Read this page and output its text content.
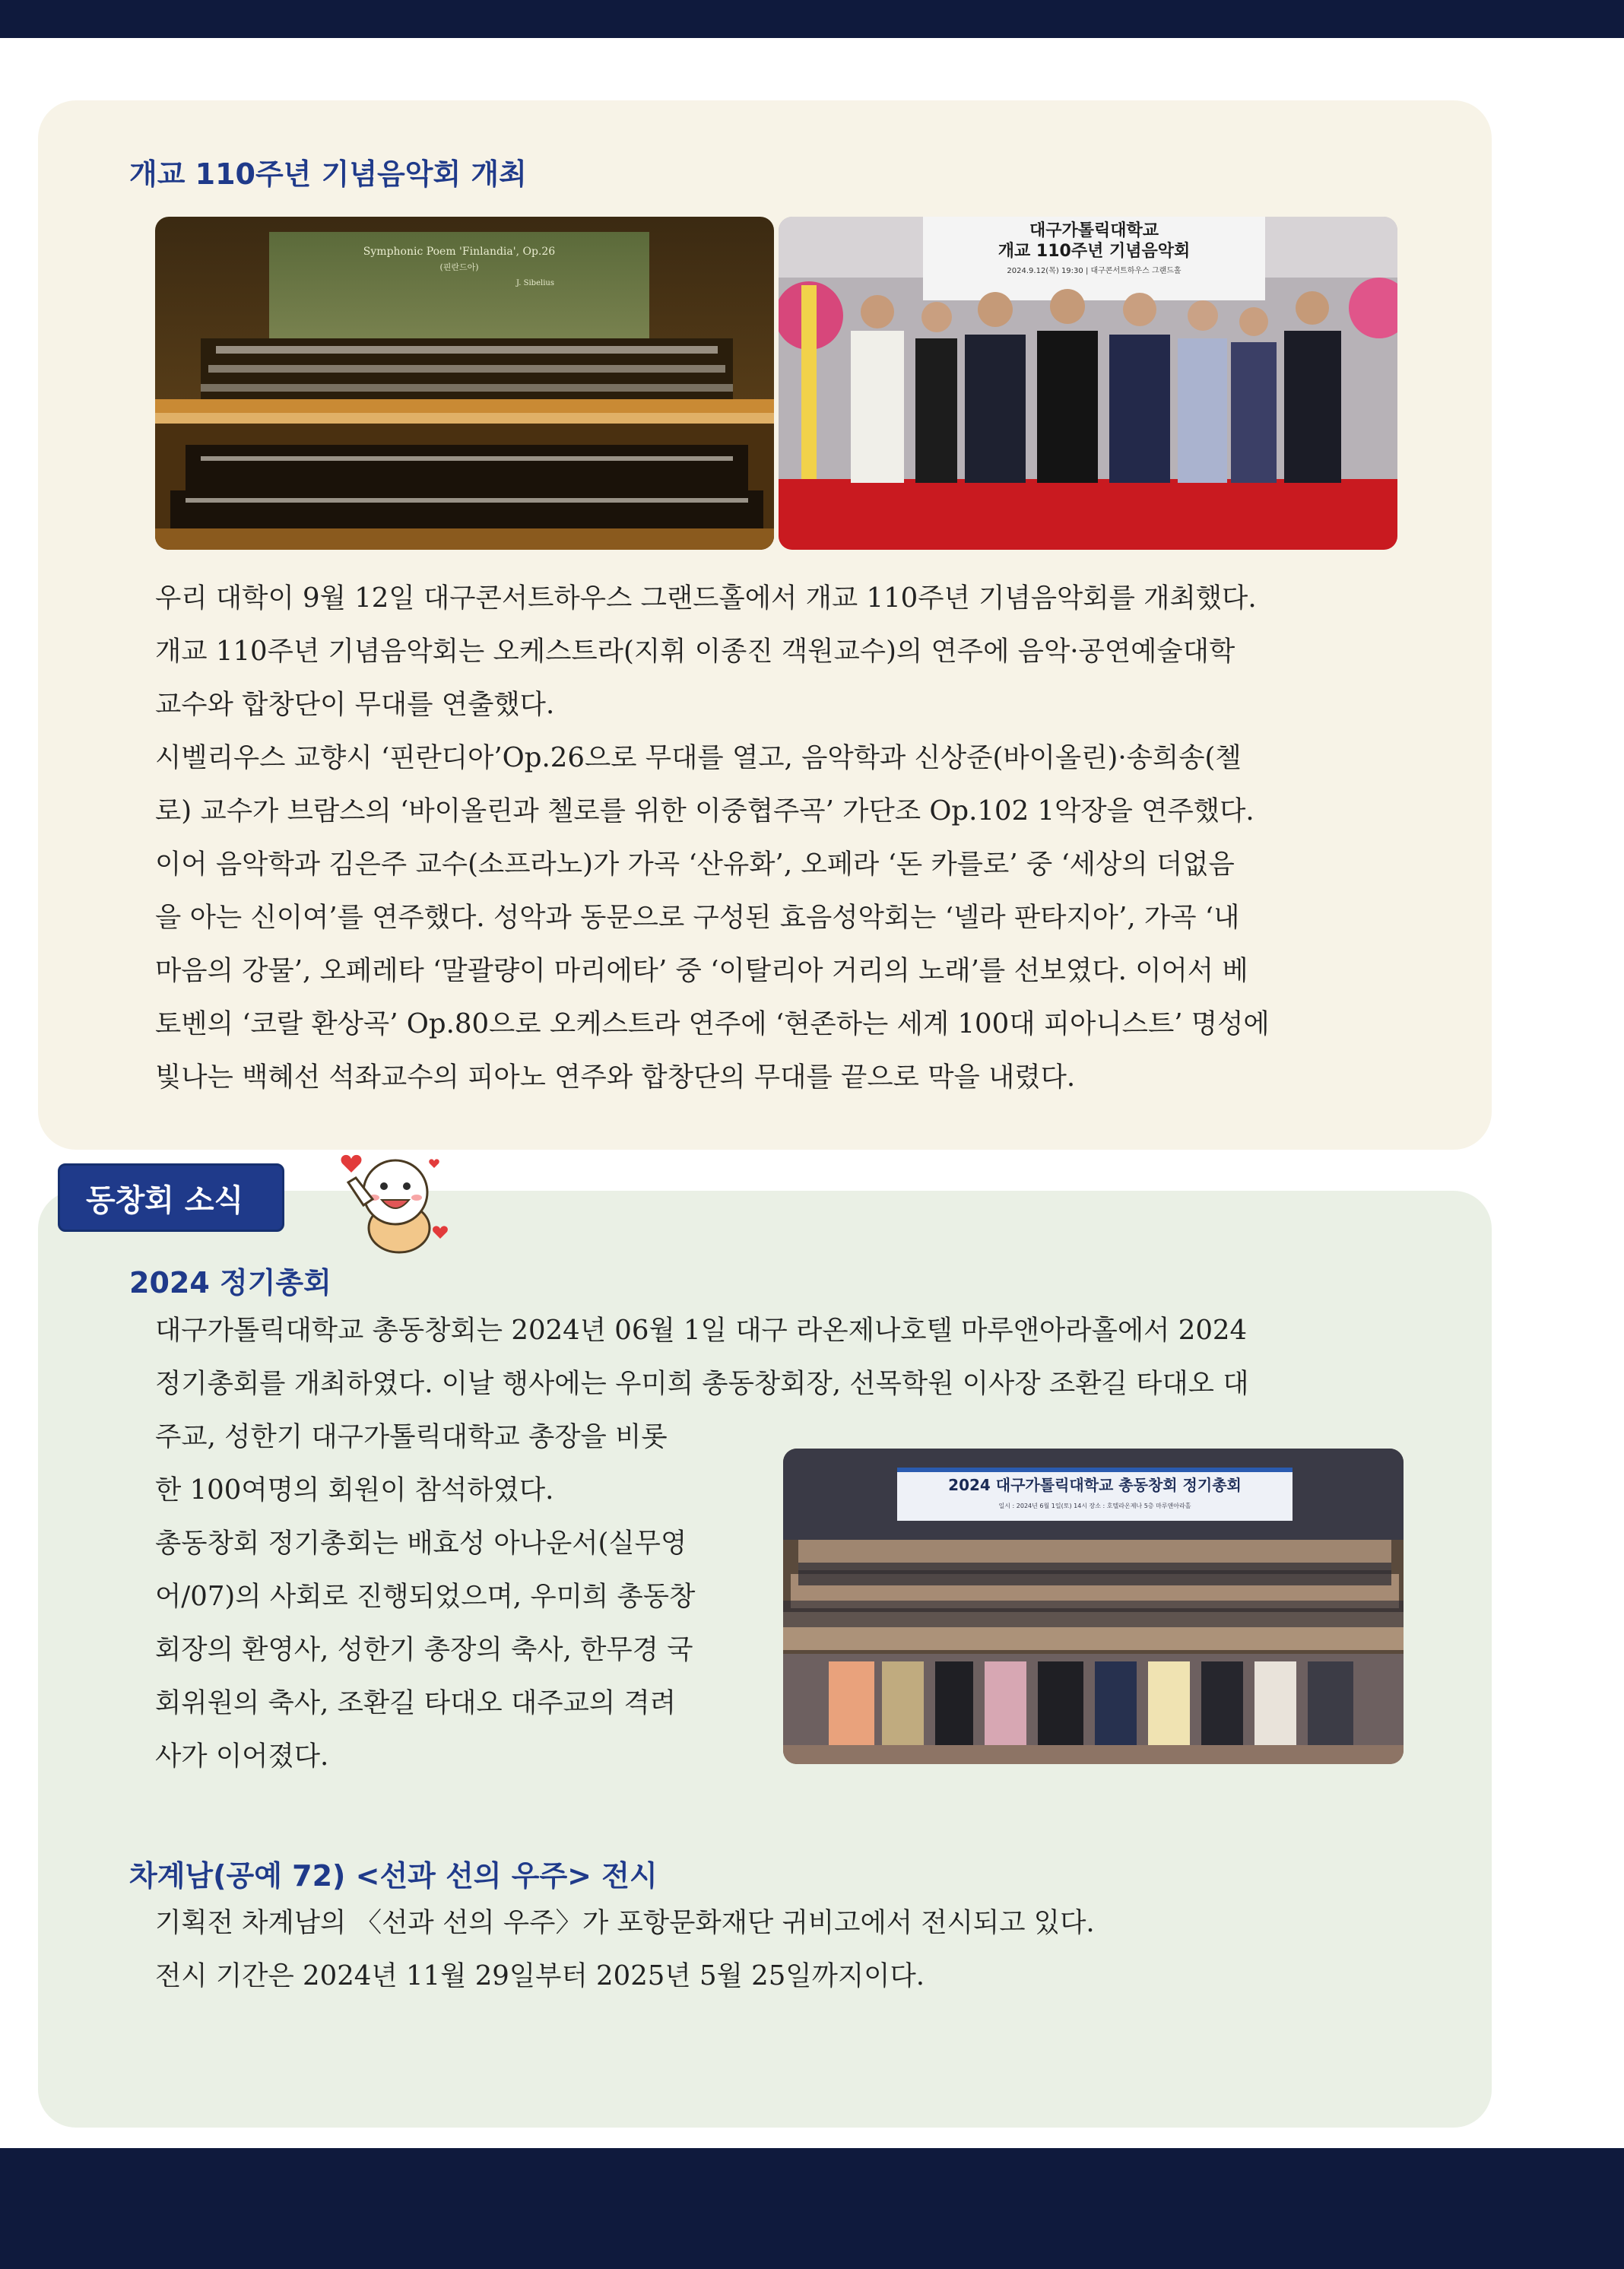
개교 110주년 기념음악회 개최
Symphonic Poem 'Finlandia', Op.26
(핀란드아)
J. Sibelius
대구가톨릭대학교
개교 110주년 기념음악회
2024.9.12(목) 19:30 | 대구콘서트하우스 그랜드홀
우리 대학이 9월 12일 대구콘서트하우스 그랜드홀에서 개교 110주년 기념음악회를 개최했다.
개교 110주년 기념음악회는 오케스트라(지휘 이종진 객원교수)의 연주에 음악·공연예술대학
교수와 합창단이 무대를 연출했다.
시벨리우스 교향시 ‘핀란디아’Op.26으로 무대를 열고, 음악학과 신상준(바이올린)·송희송(첼
로) 교수가 브람스의 ‘바이올린과 첼로를 위한 이중협주곡’ 가단조 Op.102 1악장을 연주했다.
이어 음악학과 김은주 교수(소프라노)가 가곡 ‘산유화’, 오페라 ‘돈 카를로’ 중 ‘세상의 더없음
을 아는 신이여’를 연주했다. 성악과 동문으로 구성된 효음성악회는 ‘넬라 판타지아’, 가곡 ‘내
마음의 강물’, 오페레타 ‘말괄량이 마리에타’ 중 ‘이탈리아 거리의 노래’를 선보였다. 이어서 베
토벤의 ‘코랄 환상곡’ Op.80으로 오케스트라 연주에 ‘현존하는 세계 100대 피아니스트’ 명성에
빛나는 백혜선 석좌교수의 피아노 연주와 합창단의 무대를 끝으로 막을 내렸다.
동창회 소식
2024 정기총회
대구가톨릭대학교 총동창회는 2024년 06월 1일 대구 라온제나호텔 마루앤아라홀에서 2024
정기총회를 개최하였다. 이날 행사에는 우미희 총동창회장, 선목학원 이사장 조환길 타대오 대
주교, 성한기 대구가톨릭대학교 총장을 비롯
한 100여명의 회원이 참석하였다.
총동창회 정기총회는 배효성 아나운서(실무영
어/07)의 사회로 진행되었으며, 우미희 총동창
회장의 환영사, 성한기 총장의 축사, 한무경 국
회위원의 축사, 조환길 타대오 대주교의 격려
사가 이어졌다.
2024 대구가톨릭대학교 총동창회 정기총회
일시 : 2024년 6월 1일(토) 14시 장소 : 호텔라온제나 5층 마루앤아라홀
차계남(공예 72) <선과 선의 우주> 전시
기획전 차계남의 〈선과 선의 우주〉가 포항문화재단 귀비고에서 전시되고 있다.
전시 기간은 2024년 11월 29일부터 2025년 5월 25일까지이다.
